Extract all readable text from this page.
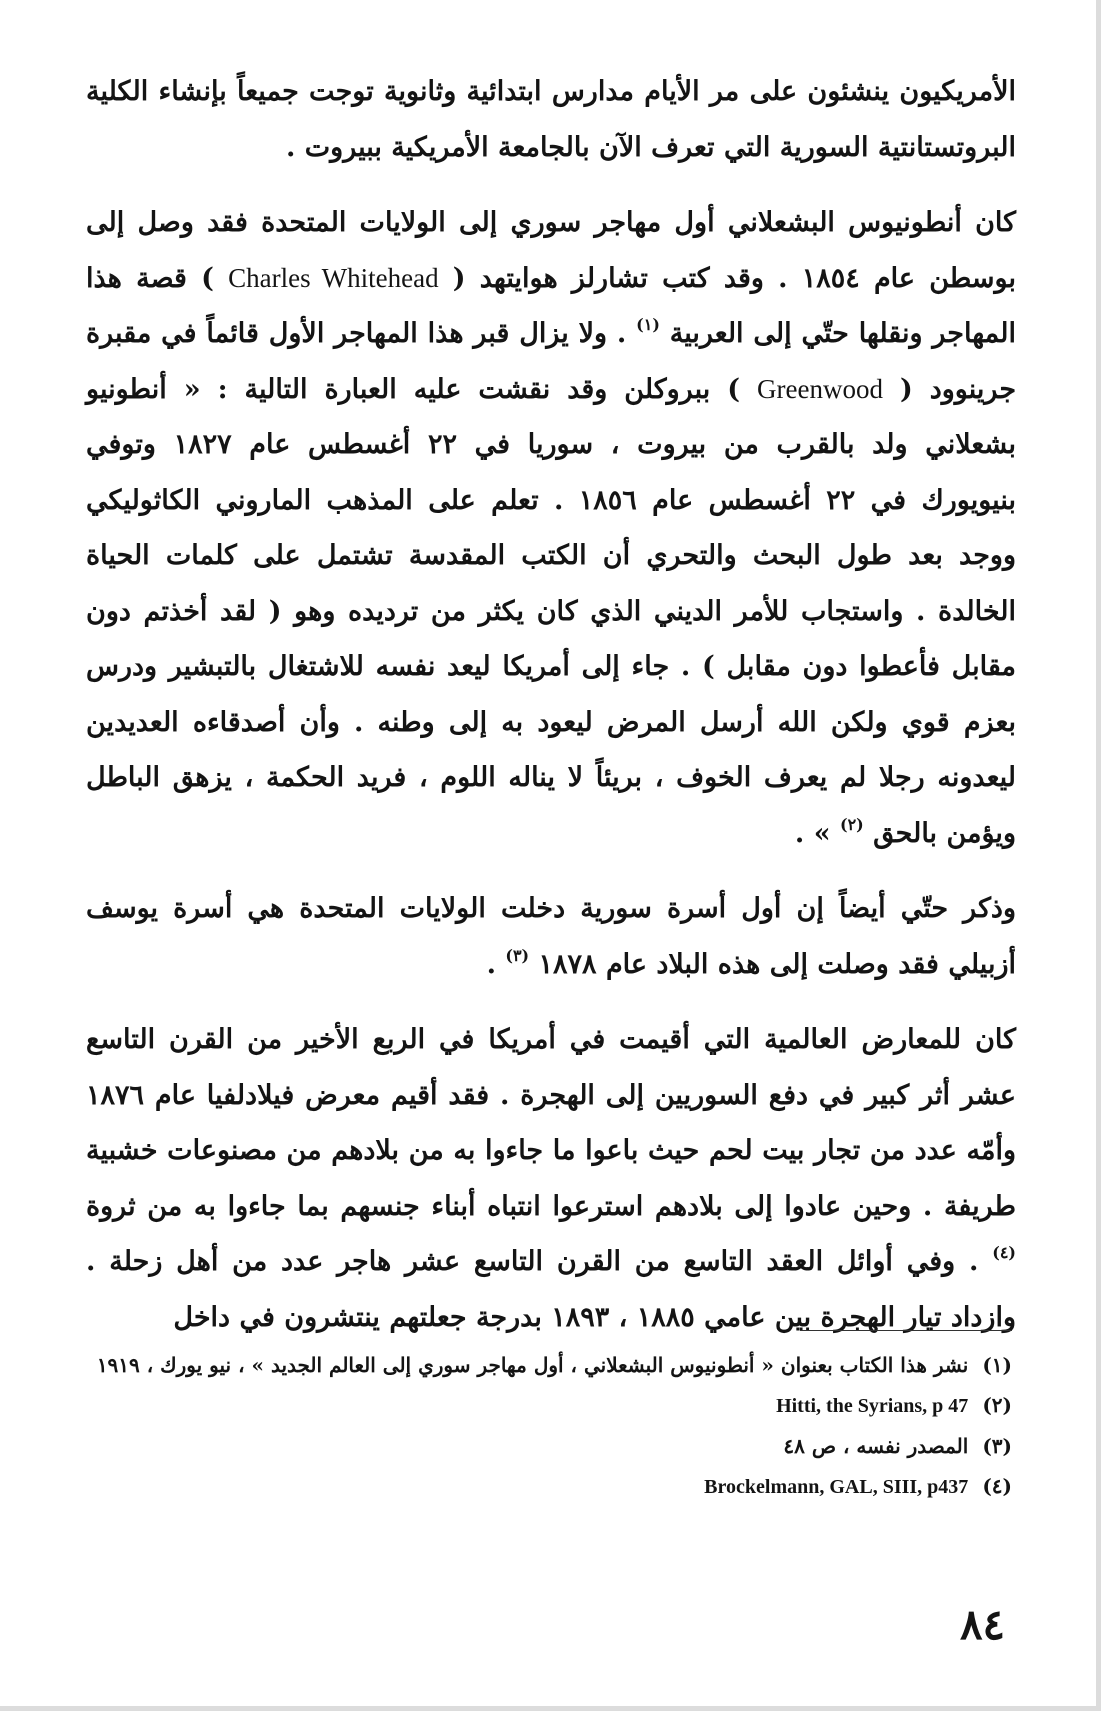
الأمريكيون ينشئون على مر الأيام مدارس ابتدائية وثانوية توجت جميعاً بإنشاء الكلية البروتستانتية السورية التي تعرف الآن بالجامعة الأمريكية ببيروت .

كان أنطونيوس البشعلاني أول مهاجر سوري إلى الولايات المتحدة فقد وصل إلى بوسطن عام ١٨٥٤ . وقد كتب تشارلز هوايتهد ( Charles Whitehead ) قصة هذا المهاجر ونقلها حتّي إلى العربية $^{(١)}$ . ولا يزال قبر هذا المهاجر الأول قائماً في مقبرة جرينوود ( Greenwood ) ببروكلن وقد نقشت عليه العبارة التالية : « أنطونيو بشعلاني ولد بالقرب من بيروت ، سوريا في ٢٢ أغسطس عام ١٨٢٧ وتوفي بنيويورك في ٢٢ أغسطس عام ١٨٥٦ . تعلم على المذهب الماروني الكاثوليكي ووجد بعد طول البحث والتحري أن الكتب المقدسة تشتمل على كلمات الحياة الخالدة . واستجاب للأمر الديني الذي كان يكثر من ترديده وهو ( لقد أخذتم دون مقابل فأعطوا دون مقابل ) . جاء إلى أمريكا ليعد نفسه للاشتغال بالتبشير ودرس بعزم قوي ولكن الله أرسل المرض ليعود به إلى وطنه . وأن أصدقاءه العديدين ليعدونه رجلا لم يعرف الخوف ، بريئاً لا يناله اللوم ، فريد الحكمة ، يزهق الباطل ويؤمن بالحق $^{(٢)}$ » .

وذكر حتّي أيضاً إن أول أسرة سورية دخلت الولايات المتحدة هي أسرة يوسف أزبيلي فقد وصلت إلى هذه البلاد عام ١٨٧٨ $^{(٣)}$ .

كان للمعارض العالمية التي أقيمت في أمريكا في الربع الأخير من القرن التاسع عشر أثر كبير في دفع السوريين إلى الهجرة . فقد أقيم معرض فيلادلفيا عام ١٨٧٦ وأمّه عدد من تجار بيت لحم حيث باعوا ما جاءوا به من بلادهم من مصنوعات خشبية طريفة . وحين عادوا إلى بلادهم استرعوا انتباه أبناء جنسهم بما جاءوا به من ثروة $^{(٤)}$ . وفي أوائل العقد التاسع من القرن التاسع عشر هاجر عدد من أهل زحلة . وازداد تيار الهجرة بين عامي ١٨٨٥ ، ١٨٩٣ بدرجة جعلتهم ينتشرون في داخل

(١)
نشر هذا الكتاب بعنوان « أنطونيوس البشعلاني ، أول مهاجر سوري إلى العالم الجديد » ، نيو يورك ، ١٩١٩
(٢)
Hitti, the Syrians, p 47
(٣)
المصدر نفسه ، ص ٤٨
(٤)
Brockelmann, GAL, SIII, p437
٨٤
